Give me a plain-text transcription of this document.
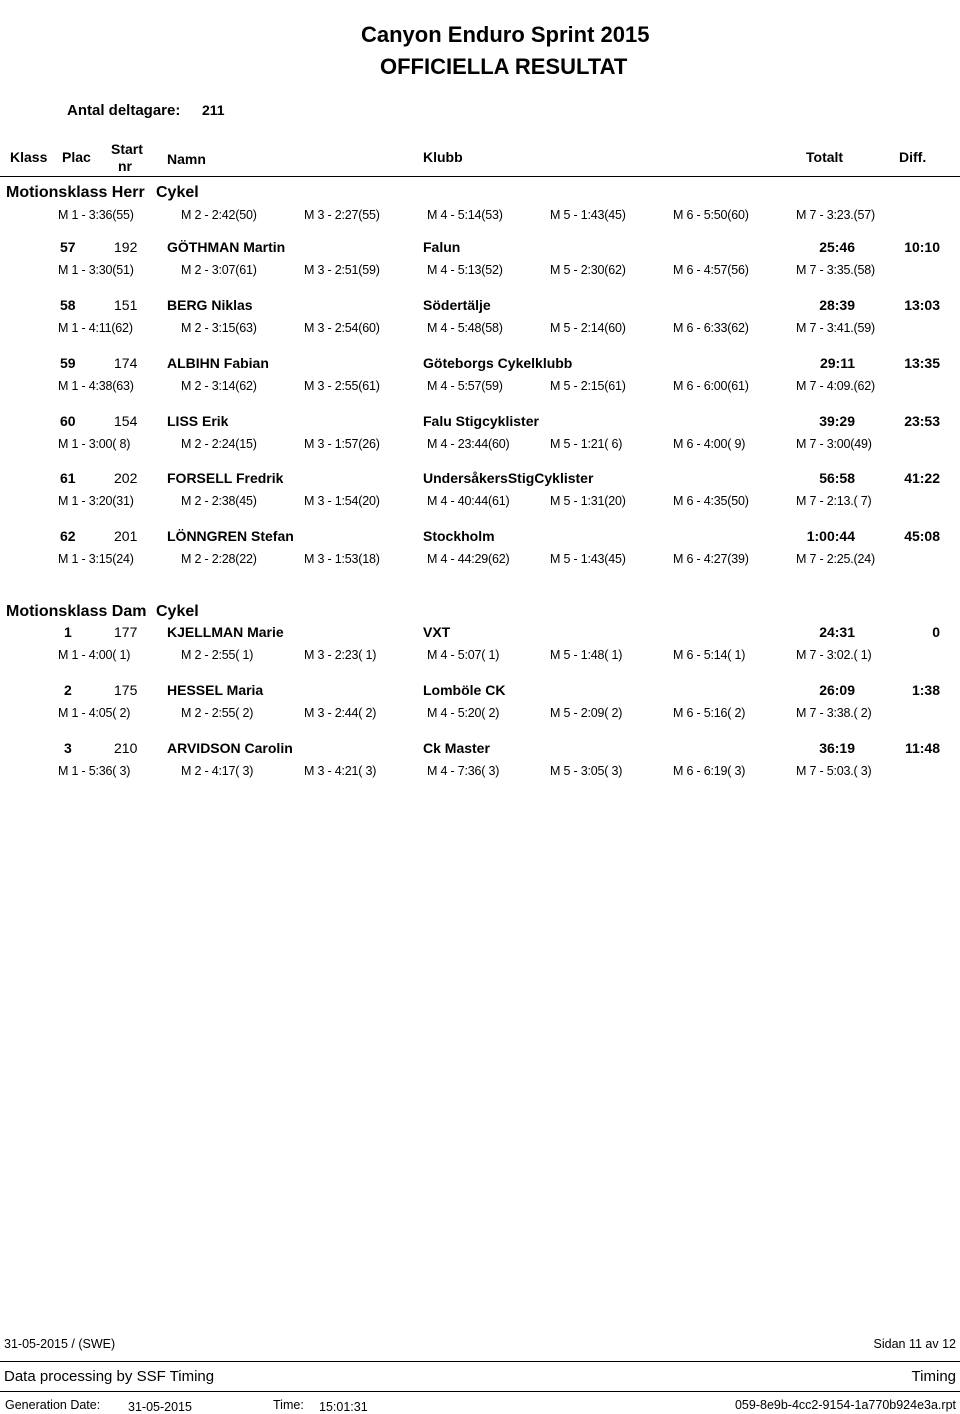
Canyon Enduro Sprint 2015
OFFICIELLA RESULTAT
Antal deltagare: 211
Klass Plac Start
nr	Namn	Klubb	Totalt	Diff.
Motionsklass Herr Cykel
M 1 - 3:36(55)	M 2 - 2:42(50)	M 3 - 2:27(55)	M 4 - 5:14(53)	M 5 - 1:43(45)	M 6 - 5:50(60)	M 7 - 3:23.(57)
57	192 GÖTHMAN Martin	Falun	25:46	10:10
M 1 - 3:30(51)	M 2 - 3:07(61)	M 3 - 2:51(59)	M 4 - 5:13(52)	M 5 - 2:30(62)	M 6 - 4:57(56)	M 7 - 3:35.(58)
58	151 BERG Niklas	Södertälje	28:39	13:03
M 1 - 4:11(62)	M 2 - 3:15(63)	M 3 - 2:54(60)	M 4 - 5:48(58)	M 5 - 2:14(60)	M 6 - 6:33(62)	M 7 - 3:41.(59)
59	174 ALBIHN Fabian	Göteborgs Cykelklubb	29:11	13:35
M 1 - 4:38(63)	M 2 - 3:14(62)	M 3 - 2:55(61)	M 4 - 5:57(59)	M 5 - 2:15(61)	M 6 - 6:00(61)	M 7 - 4:09.(62)
60	154 LISS Erik	Falu Stigcyklister	39:29	23:53
M 1 - 3:00( 8)	M 2 - 2:24(15)	M 3 - 1:57(26)	M 4 - 23:44(60)	M 5 - 1:21( 6)	M 6 - 4:00( 9)	M 7 - 3:00(49)
61	202 FORSELL Fredrik	UndersåkersStigCyklister	56:58	41:22
M 1 - 3:20(31)	M 2 - 2:38(45)	M 3 - 1:54(20)	M 4 - 40:44(61)	M 5 - 1:31(20)	M 6 - 4:35(50)	M 7 - 2:13.( 7)
62	201 LÖNNGREN Stefan	Stockholm	1:00:44	45:08
M 1 - 3:15(24)	M 2 - 2:28(22)	M 3 - 1:53(18)	M 4 - 44:29(62)	M 5 - 1:43(45)	M 6 - 4:27(39)	M 7 - 2:25.(24)
Motionsklass Dam Cykel
1	177 KJELLMAN Marie	VXT	24:31	0
M 1 - 4:00( 1)	M 2 - 2:55( 1)	M 3 - 2:23( 1)	M 4 - 5:07( 1)	M 5 - 1:48( 1)	M 6 - 5:14( 1)	M 7 - 3:02.( 1)
2	175 HESSEL Maria	Lomböle CK	26:09	1:38
M 1 - 4:05( 2)	M 2 - 2:55( 2)	M 3 - 2:44( 2)	M 4 - 5:20( 2)	M 5 - 2:09( 2)	M 6 - 5:16( 2)	M 7 - 3:38.( 2)
3	210 ARVIDSON Carolin	Ck Master	36:19	11:48
M 1 - 5:36( 3)	M 2 - 4:17( 3)	M 3 - 4:21( 3)	M 4 - 7:36( 3)	M 5 - 3:05( 3)	M 6 - 6:19( 3)	M 7 - 5:03.( 3)
31-05-2015 / (SWE)	Sidan 11 av 12
Data processing by SSF Timing	Timing
Generation Date: 31-05-2015	Time: 15:01:31	059-8e9b-4cc2-9154-1a770b924e3a.rpt
